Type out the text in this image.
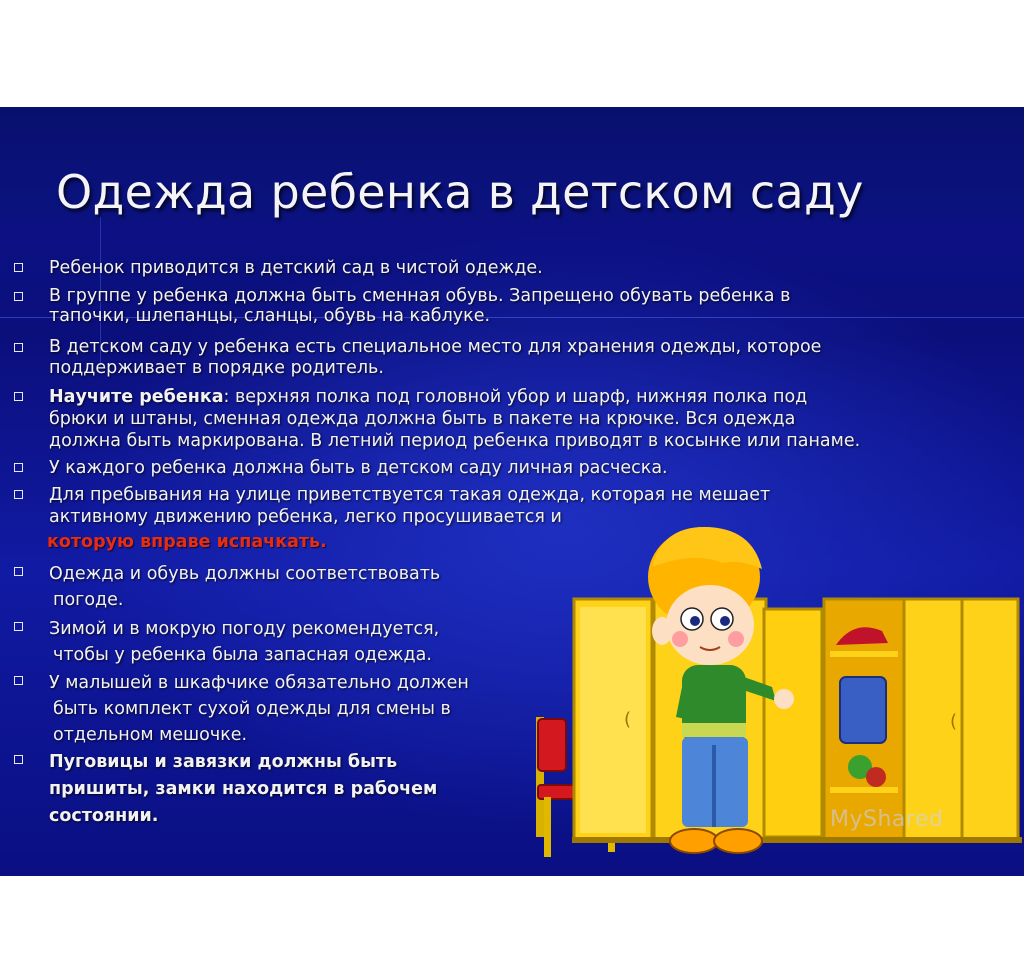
Одежда ребенка в детском саду
Ребенок приводится в детский сад в чистой одежде.
В группе у ребенка должна быть сменная обувь. Запрещено обувать ребенка в
тапочки, шлепанцы, сланцы, обувь на каблуке.
В детском саду у ребенка есть специальное место для хранения одежды, которое
поддерживает в порядке родитель.
Научите ребенка: верхняя полка под головной убор и шарф, нижняя полка под
брюки и штаны, сменная одежда должна быть в пакете на крючке. Вся одежда
должна быть маркирована. В летний период ребенка приводят в косынке или панаме.
У каждого ребенка должна быть в детском саду личная расческа.
Для пребывания на улице приветствуется такая одежда, которая не мешает
активному движению ребенка, легко просушивается и
которую вправе испачкать.
Одежда и обувь должны соответствовать
погоде.
Зимой и в мокрую погоду рекомендуется,
чтобы у ребенка была запасная одежда.
У малышей в шкафчике обязательно должен
быть комплект сухой одежды для смены в
отдельном мешочке.
Пуговицы и завязки должны быть
пришиты, замки находится в рабочем
состоянии.
(	(
MyShared
